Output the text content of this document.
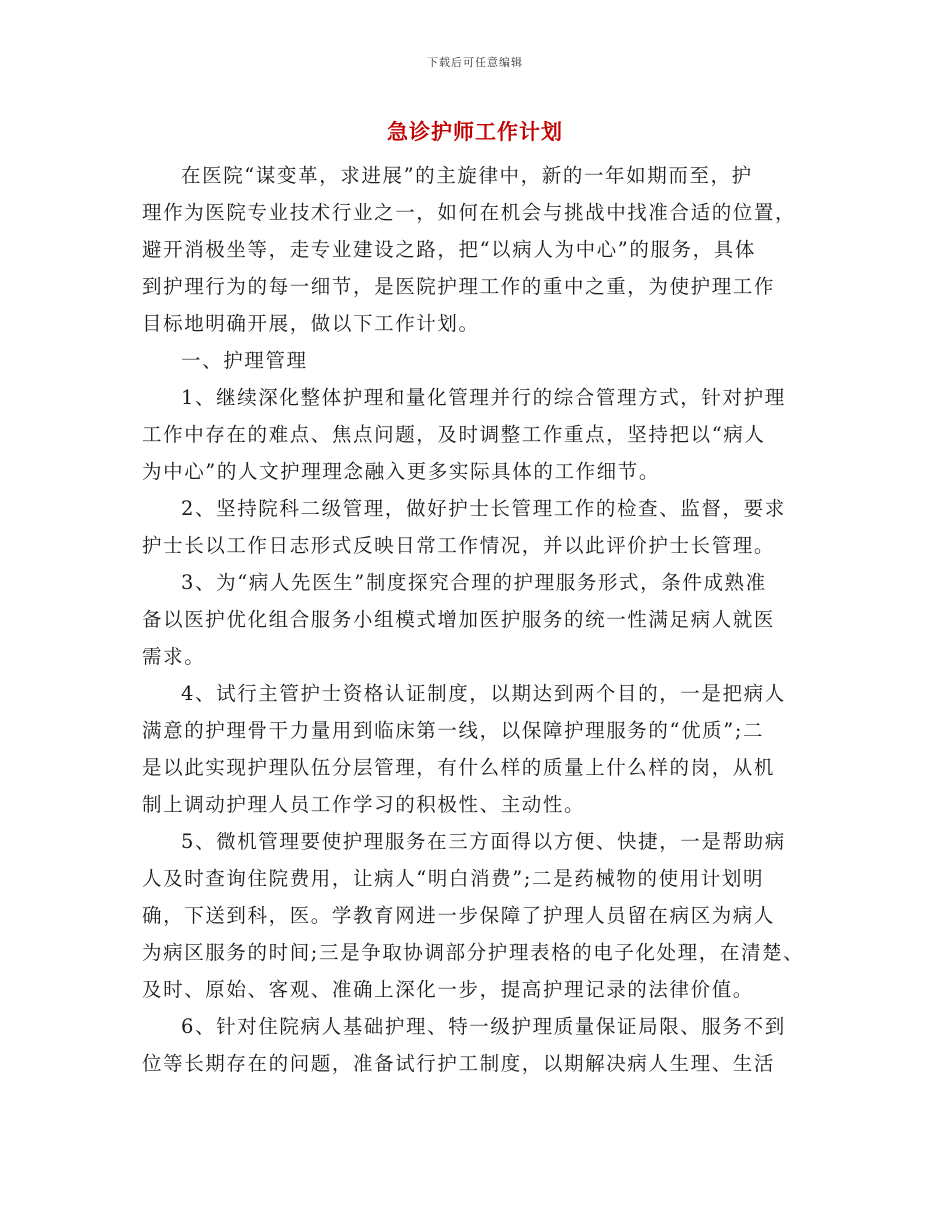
下载后可任意编辑
急诊护师工作计划

在医院“谋变革，求进展”的主旋律中，新的一年如期而至，护
理作为医院专业技术行业之一，如何在机会与挑战中找准合适的位置，
避开消极坐等，走专业建设之路，把“以病人为中心”的服务，具体
到护理行为的每一细节，是医院护理工作的重中之重，为使护理工作
目标地明确开展，做以下工作计划。

一、护理管理

1、继续深化整体护理和量化管理并行的综合管理方式，针对护理
工作中存在的难点、焦点问题，及时调整工作重点，坚持把以“病人
为中心”的人文护理理念融入更多实际具体的工作细节。

2、坚持院科二级管理，做好护士长管理工作的检查、监督，要求
护士长以工作日志形式反映日常工作情况，并以此评价护士长管理。

3、为“病人先医生”制度探究合理的护理服务形式，条件成熟准
备以医护优化组合服务小组模式增加医护服务的统一性满足病人就医
需求。

4、试行主管护士资格认证制度，以期达到两个目的，一是把病人
满意的护理骨干力量用到临床第一线，以保障护理服务的“优质”;二
是以此实现护理队伍分层管理，有什么样的质量上什么样的岗，从机
制上调动护理人员工作学习的积极性、主动性。

5、微机管理要使护理服务在三方面得以方便、快捷，一是帮助病
人及时查询住院费用，让病人“明白消费”;二是药械物的使用计划明
确，下送到科，医。学教育网进一步保障了护理人员留在病区为病人
为病区服务的时间;三是争取协调部分护理表格的电子化处理，在清楚、
及时、原始、客观、准确上深化一步，提高护理记录的法律价值。

6、针对住院病人基础护理、特一级护理质量保证局限、服务不到
位等长期存在的问题，准备试行护工制度，以期解决病人生理、生活
